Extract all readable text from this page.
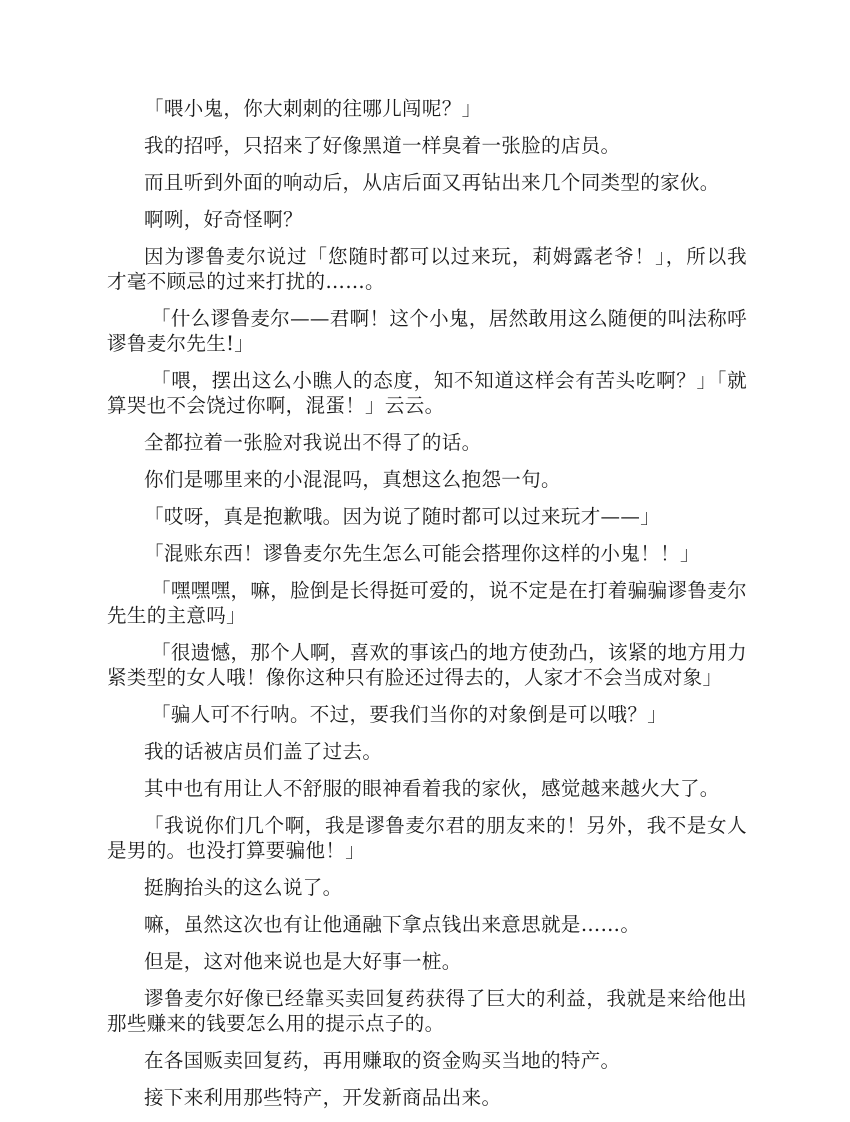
「喂小鬼，你大刺刺的往哪儿闯呢？」

我的招呼，只招来了好像黑道一样臭着一张脸的店员。

而且听到外面的响动后，从店后面又再钻出来几个同类型的家伙。

啊咧，好奇怪啊？

因为谬鲁麦尔说过「您随时都可以过来玩，莉姆露老爷！」，所以我才毫不顾忌的过来打扰的……。

「什么谬鲁麦尔——君啊！这个小鬼，居然敢用这么随便的叫法称呼谬鲁麦尔先生!」

「喂，摆出这么小瞧人的态度，知不知道这样会有苦头吃啊？」「就算哭也不会饶过你啊，混蛋！」云云。

全都拉着一张脸对我说出不得了的话。

你们是哪里来的小混混吗，真想这么抱怨一句。

「哎呀，真是抱歉哦。因为说了随时都可以过来玩才——」

「混账东西！谬鲁麦尔先生怎么可能会搭理你这样的小鬼！！」

「嘿嘿嘿，嘛，脸倒是长得挺可爱的，说不定是在打着骗骗谬鲁麦尔先生的主意吗」

「很遗憾，那个人啊，喜欢的事该凸的地方使劲凸，该紧的地方用力紧类型的女人哦！像你这种只有脸还过得去的，人家才不会当成对象」

「骗人可不行呐。不过，要我们当你的对象倒是可以哦？」

我的话被店员们盖了过去。

其中也有用让人不舒服的眼神看着我的家伙，感觉越来越火大了。

「我说你们几个啊，我是谬鲁麦尔君的朋友来的！另外，我不是女人是男的。也没打算要骗他！」

挺胸抬头的这么说了。

嘛，虽然这次也有让他通融下拿点钱出来意思就是……。

但是，这对他来说也是大好事一桩。

谬鲁麦尔好像已经靠买卖回复药获得了巨大的利益，我就是来给他出那些赚来的钱要怎么用的提示点子的。

在各国贩卖回复药，再用赚取的资金购买当地的特产。

接下来利用那些特产，开发新商品出来。
